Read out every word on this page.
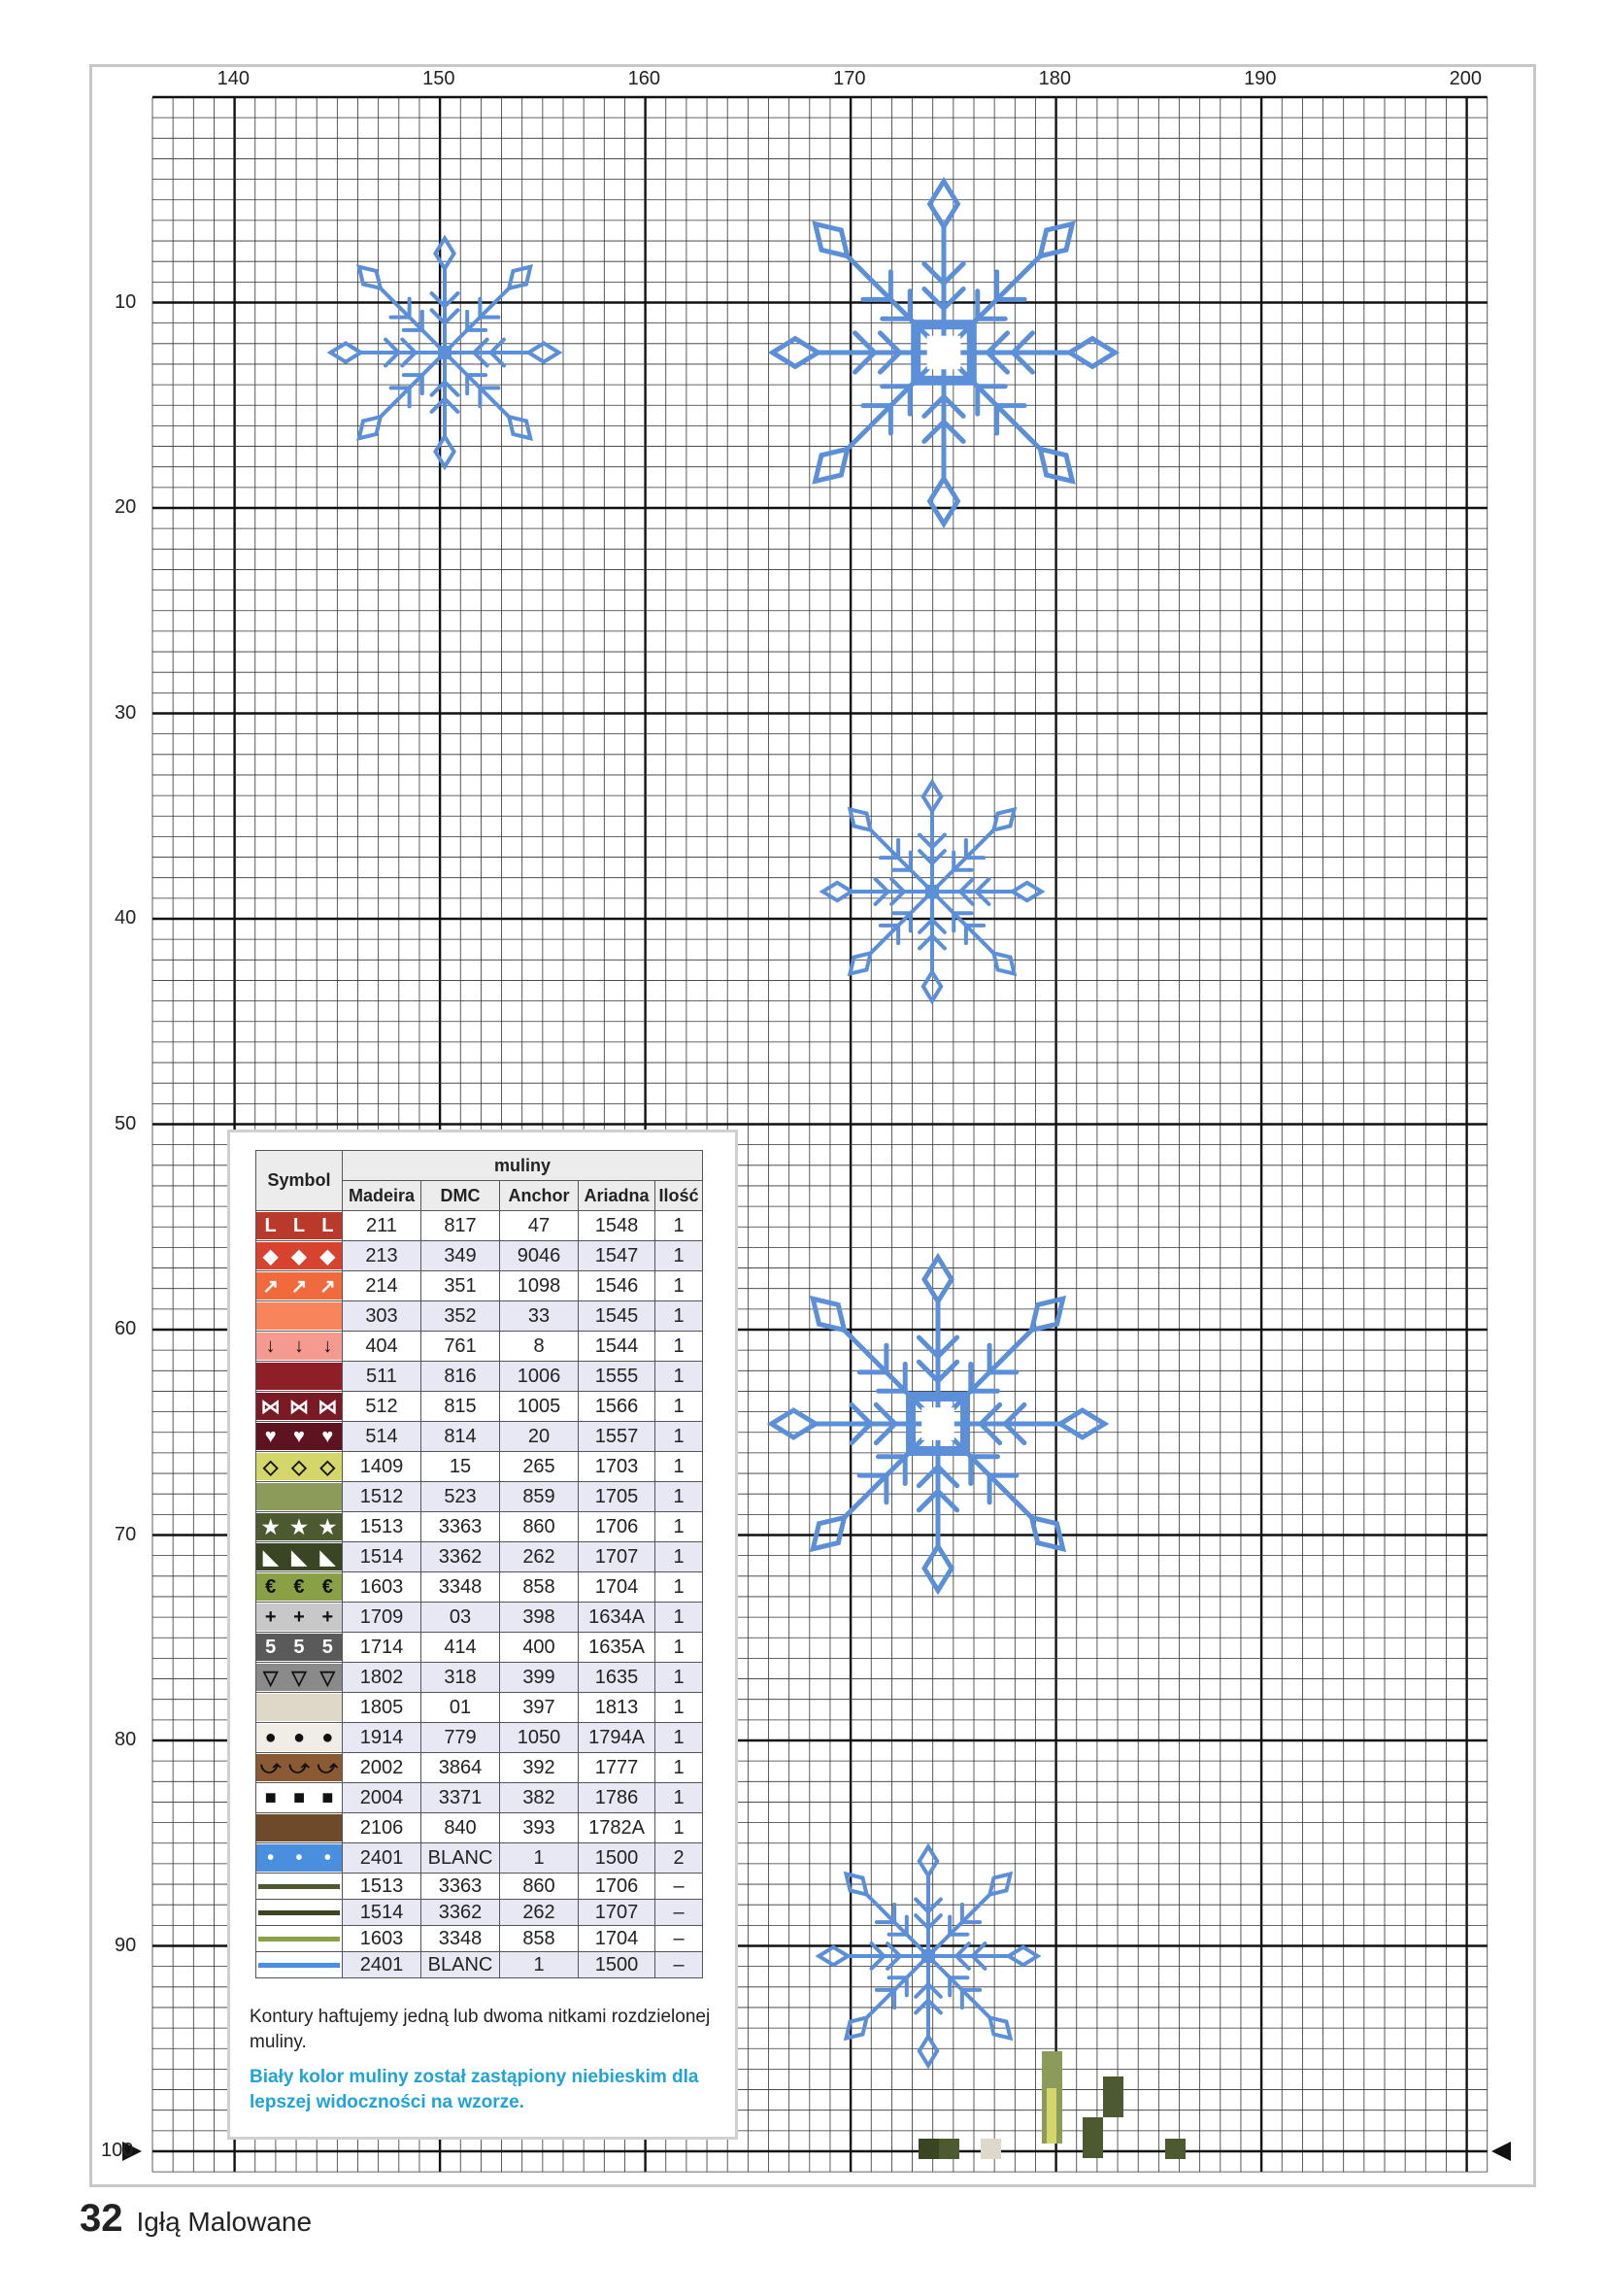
140	150	160	170	180	190	200
10
20
30
40
50
60
70
80
90
100
Symbol	muliny				
	Madeira	DMC	Anchor	Ariadna	Ilość

L L L	211	817	47	1548	1

◆ ◆ ◆	213	349	9046	1547	1

↗ ↗ ↗	214	351	1098	1546	1

	303	352	33	1545	1

↓ ↓ ↓	404	761	8	1544	1

	511	816	1006	1555	1

⋈ ⋈ ⋈	512	815	1005	1566	1

♥ ♥ ♥	514	814	20	1557	1

◇ ◇ ◇	1409	15	265	1703	1

	1512	523	859	1705	1

★ ★ ★	1513	3363	860	1706	1

◣ ◣ ◣	1514	3362	262	1707	1

€ € €	1603	3348	858	1704	1

+ + +	1709	03	398	1634A	1

5 5 5	1714	414	400	1635A	1

▽ ▽ ▽	1802	318	399	1635	1

	1805	01	397	1813	1

● ● ●	1914	779	1050	1794A	1

⤻ ⤻ ⤻	2002	3864	392	1777	1

■ ■ ■	2004	3371	382	1786	1

	2106	840	393	1782A	1

• • •	2401	BLANC	1	1500	2

	1513	3363	860	1706	–

	1514	3362	262	1707	–

	1603	3348	858	1704	–

	2401	BLANC	1	1500	–
Kontury haftujemy jedną lub dwoma nitkami rozdzielonej muliny.
Biały kolor muliny został zastąpiony niebieskim dla lepszej widoczności na wzorze.
32 Igłą Malowane
